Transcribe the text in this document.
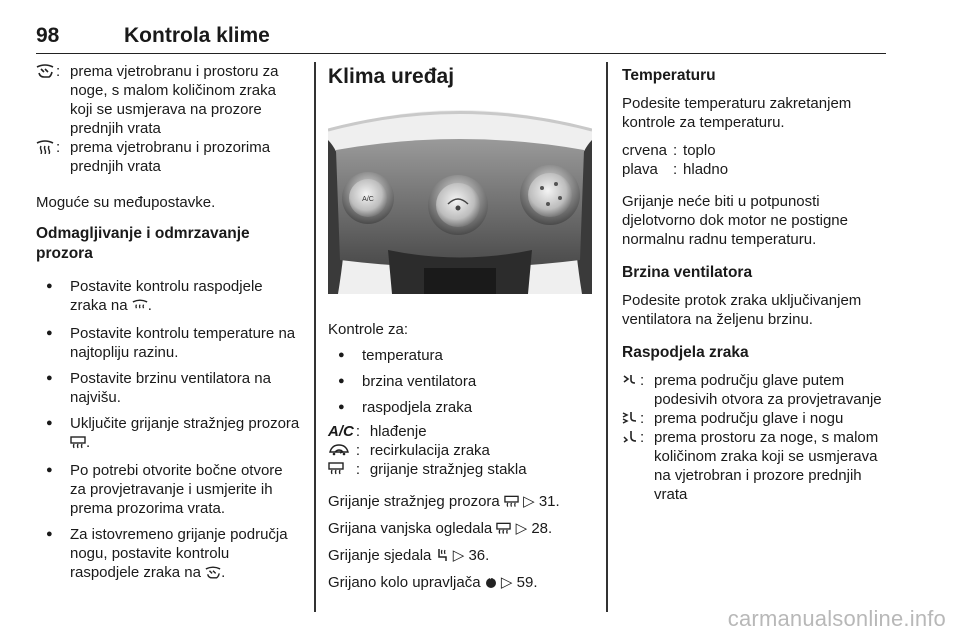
98	Kontrola klime
: prema vjetrobranu i prostoru za noge, s malom količinom zraka koji se usmjerava na prozore prednjih vrata
: prema vjetrobranu i prozorima prednjih vrata

Moguće su međupostavke.

Odmagljivanje i odmrzavanje prozora

● Postavite kontrolu raspodjele zraka na .
● Postavite kontrolu temperature na najtopliju razinu.
● Postavite brzinu ventilatora na najvišu.
● Uključite grijanje stražnjeg prozora .
● Po potrebi otvorite bočne otvore za provjetravanje i usmjerite ih prema prozorima vrata.
● Za istovremeno grijanje područja nogu, postavite kontrolu raspodjele zraka na .

Klima uređaj

A/C

Kontrole za:

● temperatura
● brzina ventilatora
● raspodjela zraka
A/C : hlađenje
: recirkulacija zraka
: grijanje stražnjeg stakla

Grijanje stražnjeg prozora ▷ 31.

Grijana vanjska ogledala ▷ 28.

Grijanje sjedala ▷ 36.

Grijano kolo upravljača ▷ 59.

Temperaturu

Podesite temperaturu zakretanjem kontrole za temperaturu.

crvena : toplo
plava	: hladno

Grijanje neće biti u potpunosti djelotvorno dok motor ne postigne normalnu radnu temperaturu.

Brzina ventilatora

Podesite protok zraka uključivanjem ventilatora na željenu brzinu.

Raspodjela zraka

: prema području glave putem podesivih otvora za provjetravanje
: prema području glave i nogu
: prema prostoru za noge, s malom količinom zraka koji se usmjerava na vjetrobran i prozore prednjih vrata
carmanualsonline.info
